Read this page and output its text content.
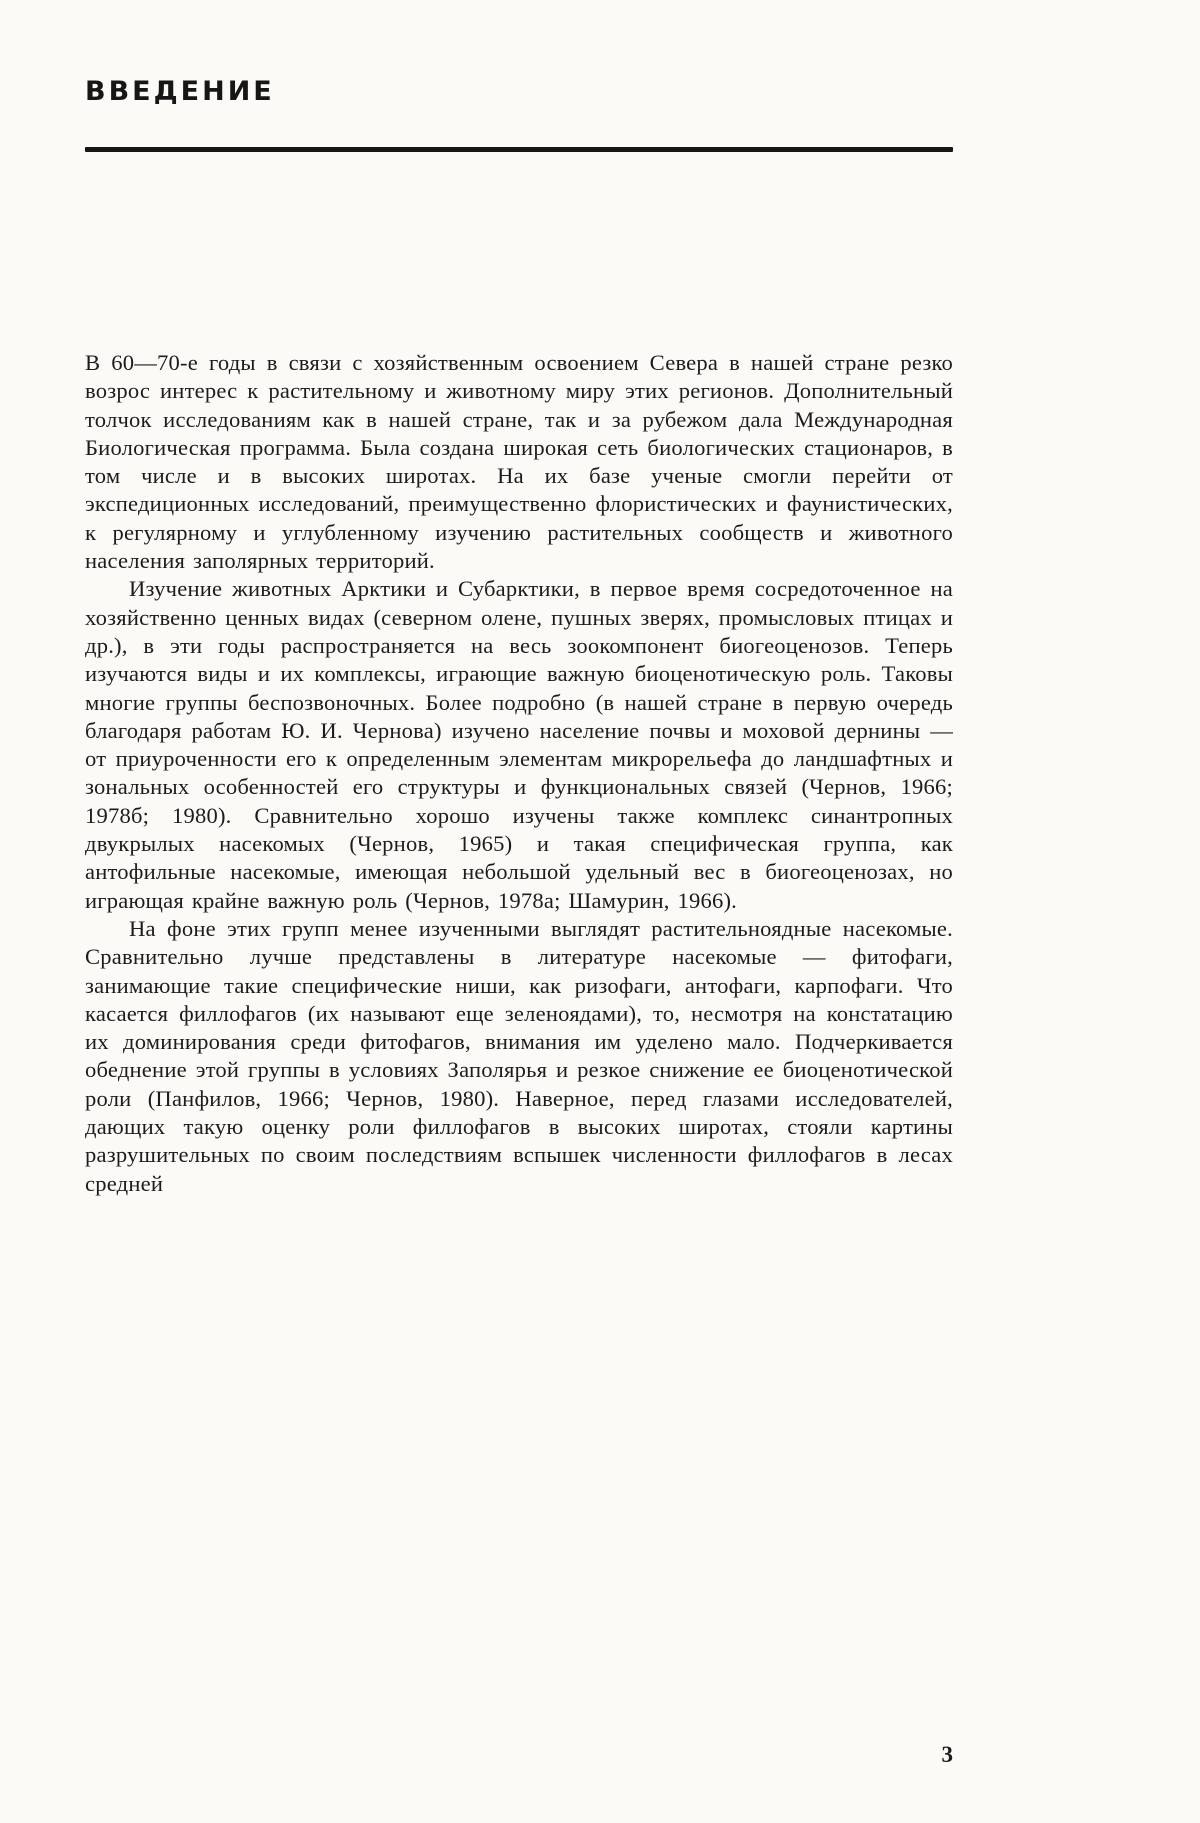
ВВЕДЕНИЕ

В 60—70-е годы в связи с хозяйственным освоением Севера в нашей стране резко возрос интерес к растительному и животному миру этих регионов. Дополнительный толчок исследованиям как в нашей стране, так и за рубежом дала Международная Биологическая программа. Была создана широкая сеть биологических стационаров, в том числе и в высоких широтах. На их базе ученые смогли перейти от экспедиционных исследований, преимущественно флористических и фаунистических, к регулярному и углубленному изучению растительных сообществ и животного населения заполярных территорий.

Изучение животных Арктики и Субарктики, в первое время сосредоточенное на хозяйственно ценных видах (северном олене, пушных зверях, промысловых птицах и др.), в эти годы распространяется на весь зоокомпонент биогеоценозов. Теперь изучаются виды и их комплексы, играющие важную биоценотическую роль. Таковы многие группы беспозвоночных. Более подробно (в нашей стране в первую очередь благодаря работам Ю. И. Чернова) изучено население почвы и моховой дернины — от приуроченности его к определенным элементам микрорельефа до ландшафтных и зональных особенностей его структуры и функциональных связей (Чернов, 1966; 1978б; 1980). Сравнительно хорошо изучены также комплекс синантропных двукрылых насекомых (Чернов, 1965) и такая специфическая группа, как антофильные насекомые, имеющая небольшой удельный вес в биогеоценозах, но играющая крайне важную роль (Чернов, 1978а; Шамурин, 1966).

На фоне этих групп менее изученными выглядят растительноядные насекомые. Сравнительно лучше представлены в литературе насекомые — фитофаги, занимающие такие специфические ниши, как ризофаги, антофаги, карпофаги. Что касается филлофагов (их называют еще зеленоядами), то, несмотря на констатацию их доминирования среди фитофагов, внимания им уделено мало. Подчеркивается обеднение этой группы в условиях Заполярья и резкое снижение ее биоценотической роли (Панфилов, 1966; Чернов, 1980). Наверное, перед глазами исследователей, дающих такую оценку роли филлофагов в высоких широтах, стояли картины разрушительных по своим последствиям вспышек численности филлофагов в лесах средней

3
